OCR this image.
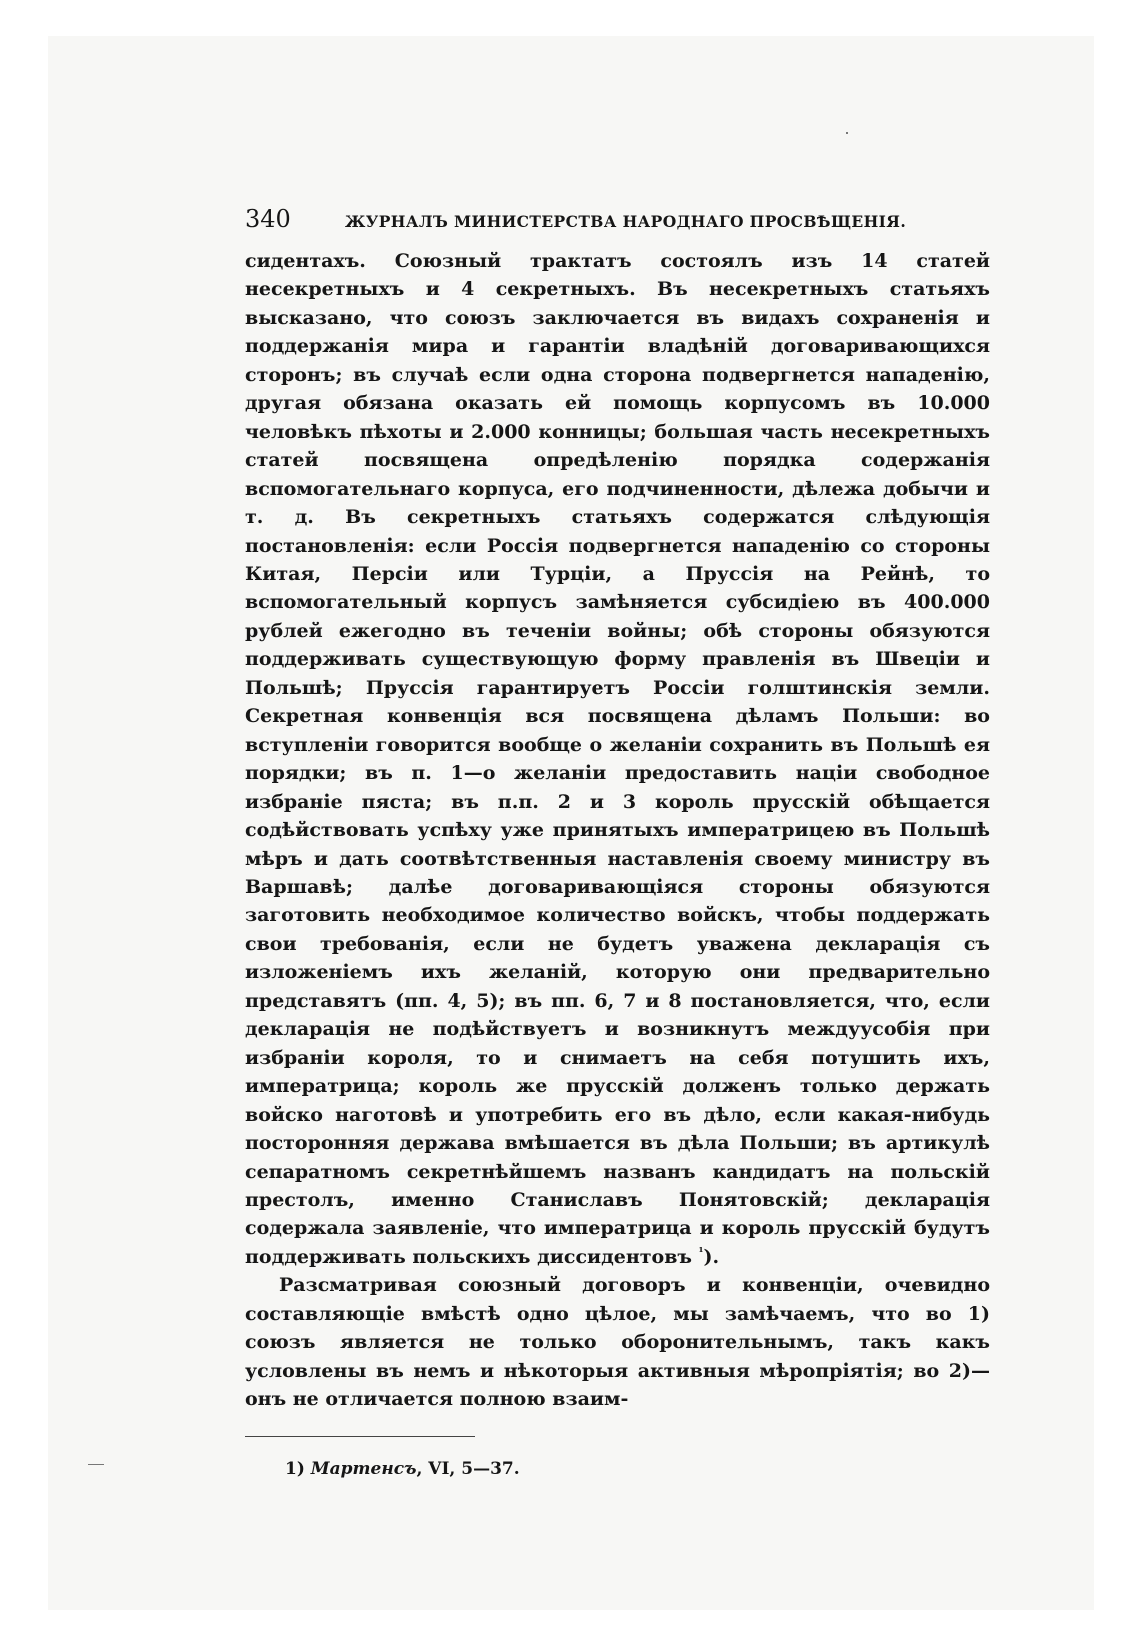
340	ЖУРНАЛЪ МИНИСТЕРСТВА НАРОДНАГО ПРОСВѢЩЕНІЯ.

сидентахъ. Союзный трактатъ состоялъ изъ 14 статей несекретныхъ и 4 секретныхъ. Въ несекретныхъ статьяхъ высказано, что союзъ заключается въ видахъ сохраненія и поддержанія мира и гарантіи владѣній договаривающихся сторонъ; въ случаѣ если одна сторона подвергнется нападенію, другая обязана оказать ей помощь корпусомъ въ 10.000 человѣкъ пѣхоты и 2.000 конницы; большая часть несекретныхъ статей посвящена опредѣленію порядка содержанія вспомогательнаго корпуса, его подчиненности, дѣлежа добычи и т. д. Въ секретныхъ статьяхъ содержатся слѣдующія постановленія: если Россія подвергнется нападенію со стороны Китая, Персіи или Турціи, а Пруссія на Рейнѣ, то вспомогательный корпусъ замѣняется субсидіею въ 400.000 рублей ежегодно въ теченіи войны; обѣ стороны обязуются поддерживать существующую форму правленія въ Швеціи и Польшѣ; Пруссія гарантируетъ Россіи голштинскія земли. Секретная конвенція вся посвящена дѣламъ Польши: во вступленіи говорится вообще о желаніи сохранить въ Польшѣ ея порядки; въ п. 1—о желаніи предоставить націи свободное избраніе пяста; въ п.п. 2 и 3 король прусскій обѣщается содѣйствовать успѣху уже принятыхъ императрицею въ Польшѣ мѣръ и дать соотвѣтственныя наставленія своему министру въ Варшавѣ; далѣе договаривающіяся стороны обязуются заготовить необходимое количество войскъ, чтобы поддержать свои требованія, если не будетъ уважена декларація съ изложеніемъ ихъ желаній, которую они предварительно представятъ (пп. 4, 5); въ пп. 6, 7 и 8 постановляется, что, если декларація не подѣйствуетъ и возникнутъ междуусобія при избраніи короля, то и снимаетъ на себя потушить ихъ, императрица; король же прусскій долженъ только держать войско наготовѣ и употребить его въ дѣло, если какая-нибудь посторонняя держава вмѣшается въ дѣла Польши; въ артикулѣ сепаратномъ секретнѣйшемъ названъ кандидатъ на польскій престолъ, именно Станиславъ Понятовскій; декларація содержала заявленіе, что императрица и король прусскій будутъ поддерживать польскихъ диссидентовъ $^{^1}$).

Разсматривая союзный договоръ и конвенціи, очевидно составляющіе вмѣстѣ одно цѣлое, мы замѣчаемъ, что во 1) союзъ является не только оборонительнымъ, такъ какъ условлены въ немъ и нѣкоторыя активныя мѣропріятія; во 2)—онъ не отличается полною взаим-

1) Мартенсъ, VI, 5—37.
